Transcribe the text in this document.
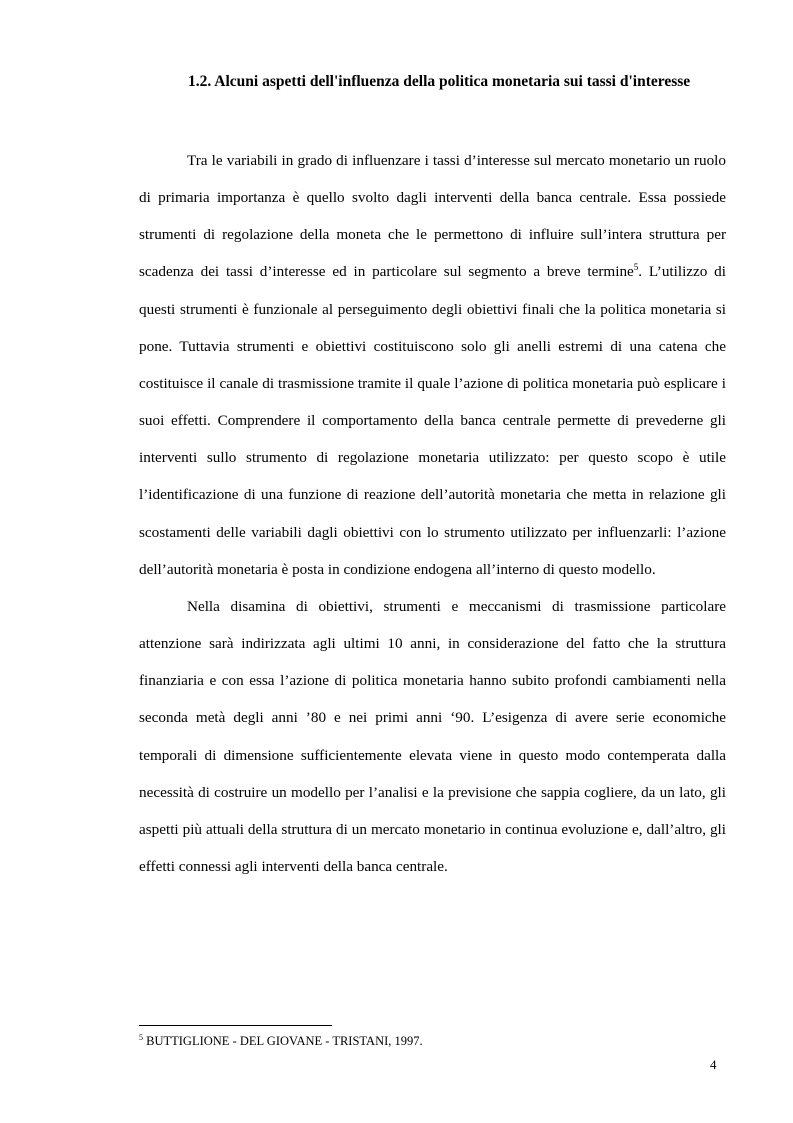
1.2. Alcuni aspetti dell'influenza della politica monetaria sui tassi d'interesse

Tra le variabili in grado di influenzare i tassi d’interesse sul mercato monetario un ruolo di primaria importanza è quello svolto dagli interventi della banca centrale. Essa possiede strumenti di regolazione della moneta che le permettono di influire sull’intera struttura per scadenza dei tassi d’interesse ed in particolare sul segmento a breve termine$^5$. L’utilizzo di questi strumenti è funzionale al perseguimento degli obiettivi finali che la politica monetaria si pone. Tuttavia strumenti e obiettivi costituiscono solo gli anelli estremi di una catena che costituisce il canale di trasmissione tramite il quale l’azione di politica monetaria può esplicare i suoi effetti. Comprendere il comportamento della banca centrale permette di prevederne gli interventi sullo strumento di regolazione monetaria utilizzato: per questo scopo è utile l’identificazione di una funzione di reazione dell’autorità monetaria che metta in relazione gli scostamenti delle variabili dagli obiettivi con lo strumento utilizzato per influenzarli: l’azione dell’autorità monetaria è posta in condizione endogena all’interno di questo modello.

Nella disamina di obiettivi, strumenti e meccanismi di trasmissione particolare attenzione sarà indirizzata agli ultimi 10 anni, in considerazione del fatto che la struttura finanziaria e con essa l’azione di politica monetaria hanno subito profondi cambiamenti nella seconda metà degli anni ’80 e nei primi anni ‘90. L’esigenza di avere serie economiche temporali di dimensione sufficientemente elevata viene in questo modo contemperata dalla necessità di costruire un modello per l’analisi e la previsione che sappia cogliere, da un lato, gli aspetti più attuali della struttura di un mercato monetario in continua evoluzione e, dall’altro, gli effetti connessi agli interventi della banca centrale.

$^5$ BUTTIGLIONE - DEL GIOVANE - TRISTANI, 1997.
4
